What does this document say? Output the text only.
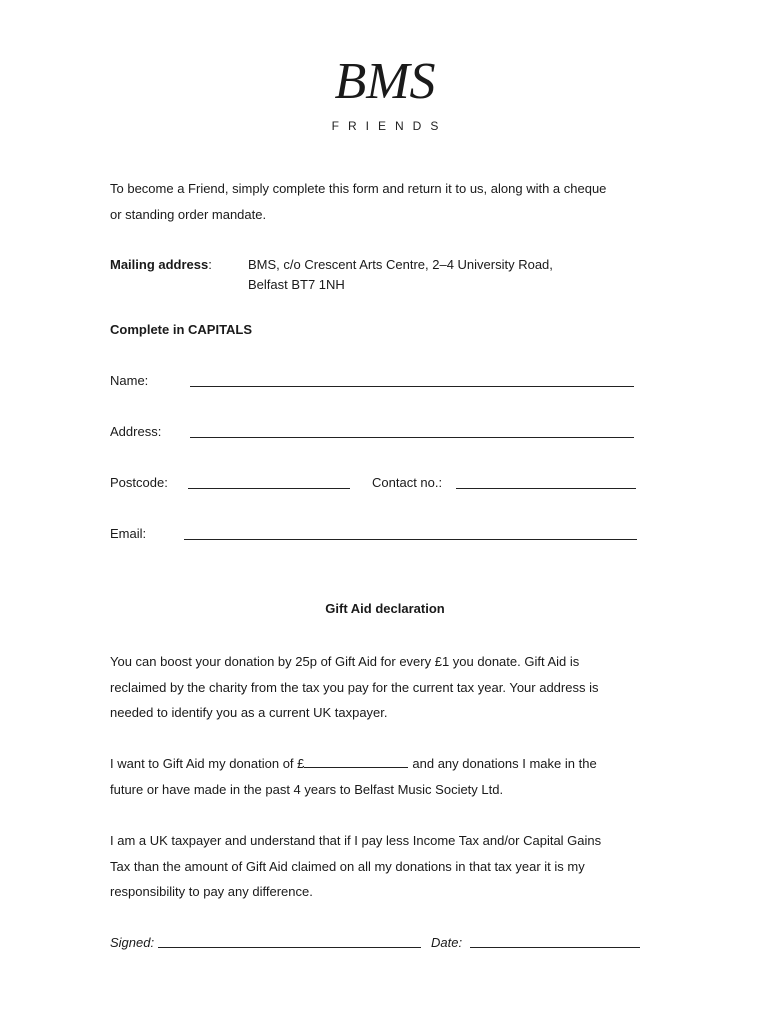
BMS
FRIENDS
To become a Friend, simply complete this form and return it to us, along with a cheque
or standing order mandate.
Mailing address:	BMS, c/o Crescent Arts Centre, 2–4 University Road,
Belfast BT7 1NH
Complete in CAPITALS
Name:
Address:
Postcode:	Contact no.:
Email:
Gift Aid declaration
You can boost your donation by 25p of Gift Aid for every £1 you donate. Gift Aid is
reclaimed by the charity from the tax you pay for the current tax year. Your address is
needed to identify you as a current UK taxpayer.
I want to Gift Aid my donation of £	and any donations I make in the
future or have made in the past 4 years to Belfast Music Society Ltd.
I am a UK taxpayer and understand that if I pay less Income Tax and/or Capital Gains
Tax than the amount of Gift Aid claimed on all my donations in that tax year it is my
responsibility to pay any difference.
Signed:	Date:
